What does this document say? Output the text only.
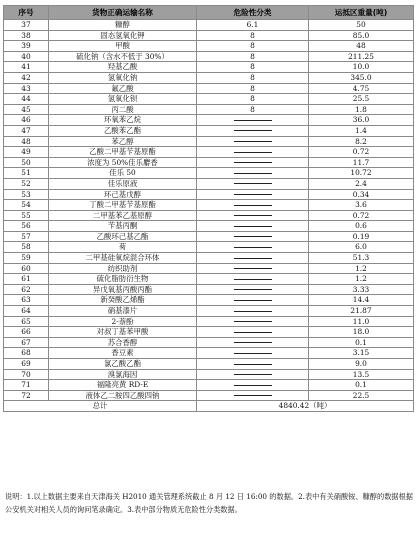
序号	货物正确运输名称	危险性分类	运抵区重量(吨)
37	糠醇	6.1	50
38	固态氢氧化钾	8	85.0
39	甲酸	8	48
40	硫化钠（含水不低于 30%）	8	211.25
41	羟基乙酸	8	10.0
42	氢氧化钠	8	345.0
43	氟乙酸	8	4.75
44	氢氧化钡	8	25.5
45	丙二酸	8	1.8
46	环氧苯乙烷		36.0
47	乙酸苯乙酯		1.4
48	苯乙醇		8.2
49	乙酸二甲基苄基原酯		0.72
50	浓度为 50%佳乐麝香		11.7
51	佳乐 50		10.72
52	佳乐原液		2.4
53	环己基戊醇		0.34
54	丁酸二甲基苄基原酯		3.6
55	二甲基苯乙基原醇		0.72
56	苄基丙酮		0.6
57	乙酸环己基乙酯		0.19
58	茐		6.0
59	二甲基硅氧烷混合环体		51.3
60	纺织助剂		1.2
61	硫化脂肪衍生物		1.2
62	异戊氧基丙酸丙酯		3.33
63	新癸酸乙烯酯		14.4
64	硝基漆片		21.87
65	2-萘酚		11.0
66	对叔丁基苯甲酸		18.0
67	苏合香醇		0.1
68	香豆素		3.15
69	氯乙酸乙酯		9.0
70	溴氯海因		13.5
71	福隆亮黄 RD-E		0.1
72	液体乙二胺四乙酸四钠		22.5
总计		4840.42（吨）	
说明：1.以上数据主要来自天津海关 H2010 通关管理系统截止 8 月 12 日 16:00 的数据。2.表中有关硝酸铵、糠醇的数据根据公安机关对相关人员的询问笔录确定。3.表中部分物质无危险性分类数据。
